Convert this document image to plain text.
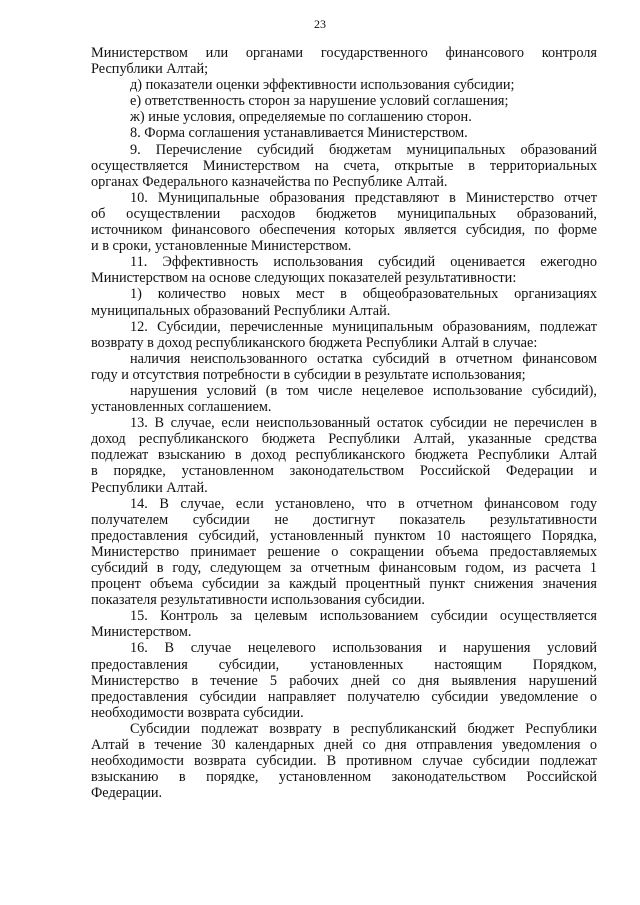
23
Министерством или органами государственного финансового контроля
Республики Алтай;
д) показатели оценки эффективности использования субсидии;
е) ответственность сторон за нарушение условий соглашения;
ж) иные условия, определяемые по соглашению сторон.
8. Форма соглашения устанавливается Министерством.
9. Перечисление субсидий бюджетам муниципальных образований
осуществляется Министерством на счета, открытые в территориальных
органах Федерального казначейства по Республике Алтай.
10. Муниципальные образования представляют в Министерство отчет
об осуществлении расходов бюджетов муниципальных образований,
источником финансового обеспечения которых является субсидия, по форме
и в сроки, установленные Министерством.
11. Эффективность использования субсидий оценивается ежегодно
Министерством на основе следующих показателей результативности:
1) количество новых мест в общеобразовательных организациях
муниципальных образований Республики Алтай.
12. Субсидии, перечисленные муниципальным образованиям, подлежат
возврату в доход республиканского бюджета Республики Алтай в случае:
наличия неиспользованного остатка субсидий в отчетном финансовом
году и отсутствия потребности в субсидии в результате использования;
нарушения условий (в том числе нецелевое использование субсидий),
установленных соглашением.
13. В случае, если неиспользованный остаток субсидии не перечислен в
доход республиканского бюджета Республики Алтай, указанные средства
подлежат взысканию в доход республиканского бюджета Республики Алтай
в порядке, установленном законодательством Российской Федерации и
Республики Алтай.
14. В случае, если установлено, что в отчетном финансовом году
получателем субсидии не достигнут показатель результативности
предоставления субсидий, установленный пунктом 10 настоящего Порядка,
Министерство принимает решение о сокращении объема предоставляемых
субсидий в году, следующем за отчетным финансовым годом, из расчета 1
процент объема субсидии за каждый процентный пункт снижения значения
показателя результативности использования субсидии.
15. Контроль за целевым использованием субсидии осуществляется
Министерством.
16. В случае нецелевого использования и нарушения условий
предоставления субсидии, установленных настоящим Порядком,
Министерство в течение 5 рабочих дней со дня выявления нарушений
предоставления субсидии направляет получателю субсидии уведомление о
необходимости возврата субсидии.
Субсидии подлежат возврату в республиканский бюджет Республики
Алтай в течение 30 календарных дней со дня отправления уведомления о
необходимости возврата субсидии. В противном случае субсидии подлежат
взысканию в порядке, установленном законодательством Российской
Федерации.
